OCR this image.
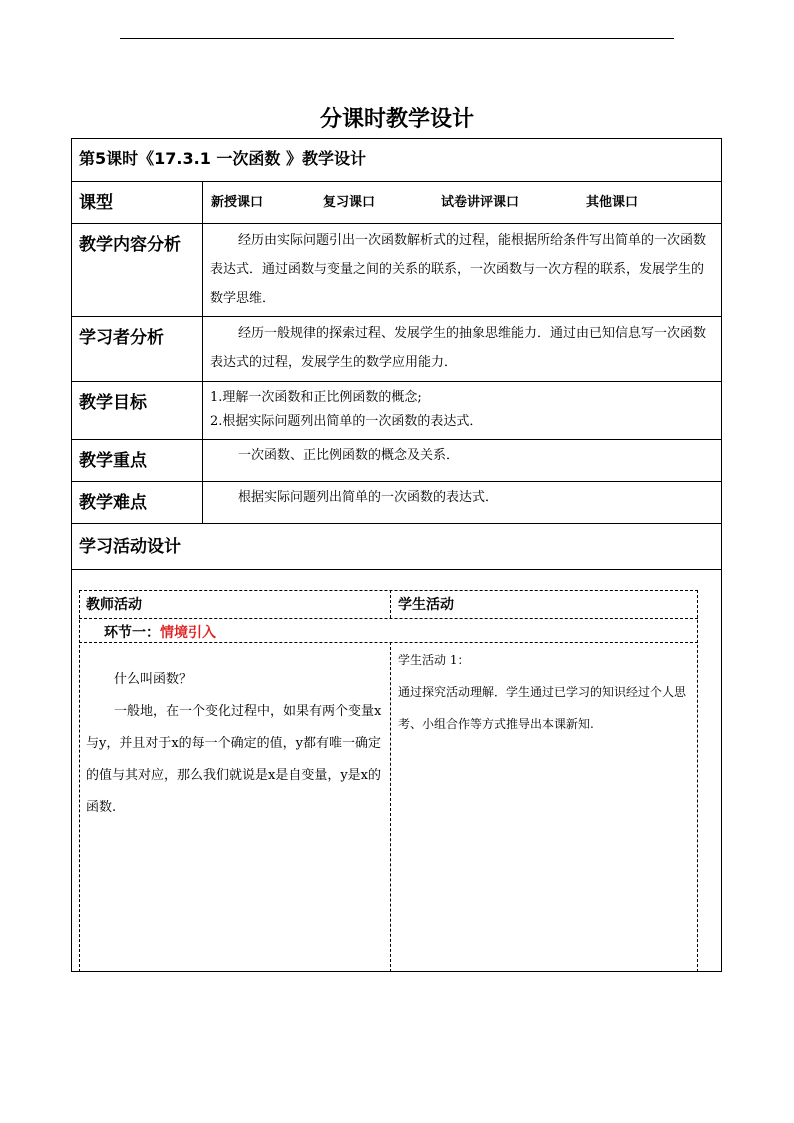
分课时教学设计
第5课时《17.3.1 一次函数 》教学设计
课型	新授课口	复习课口	试卷讲评课口	其他课口
教学内容分析	经历由实际问题引出一次函数解析式的过程，能根据所给条件写出简单的一次函数表达式．通过函数与变量之间的关系的联系，一次函数与一次方程的联系，发展学生的数学思维．
学习者分析	经历一般规律的探索过程、发展学生的抽象思维能力．通过由已知信息写一次函数表达式的过程，发展学生的数学应用能力．
教学目标	1.理解一次函数和正比例函数的概念;
2.根据实际问题列出简单的一次函数的表达式．
教学重点	一次函数、正比例函数的概念及关系．
教学难点	根据实际问题列出简单的一次函数的表达式．
学习活动设计
教师活动	学生活动
环节一：情境引入

什么叫函数？

一般地，在一个变化过程中，如果有两个变量x与y，并且对于x的每一个确定的值，y都有唯一确定的值与其对应，那么我们就说是x是自变量，y是x的函数.

学生活动 1：

通过探究活动理解．学生通过已学习的知识经过个人思考、小组合作等方式推导出本课新知.
